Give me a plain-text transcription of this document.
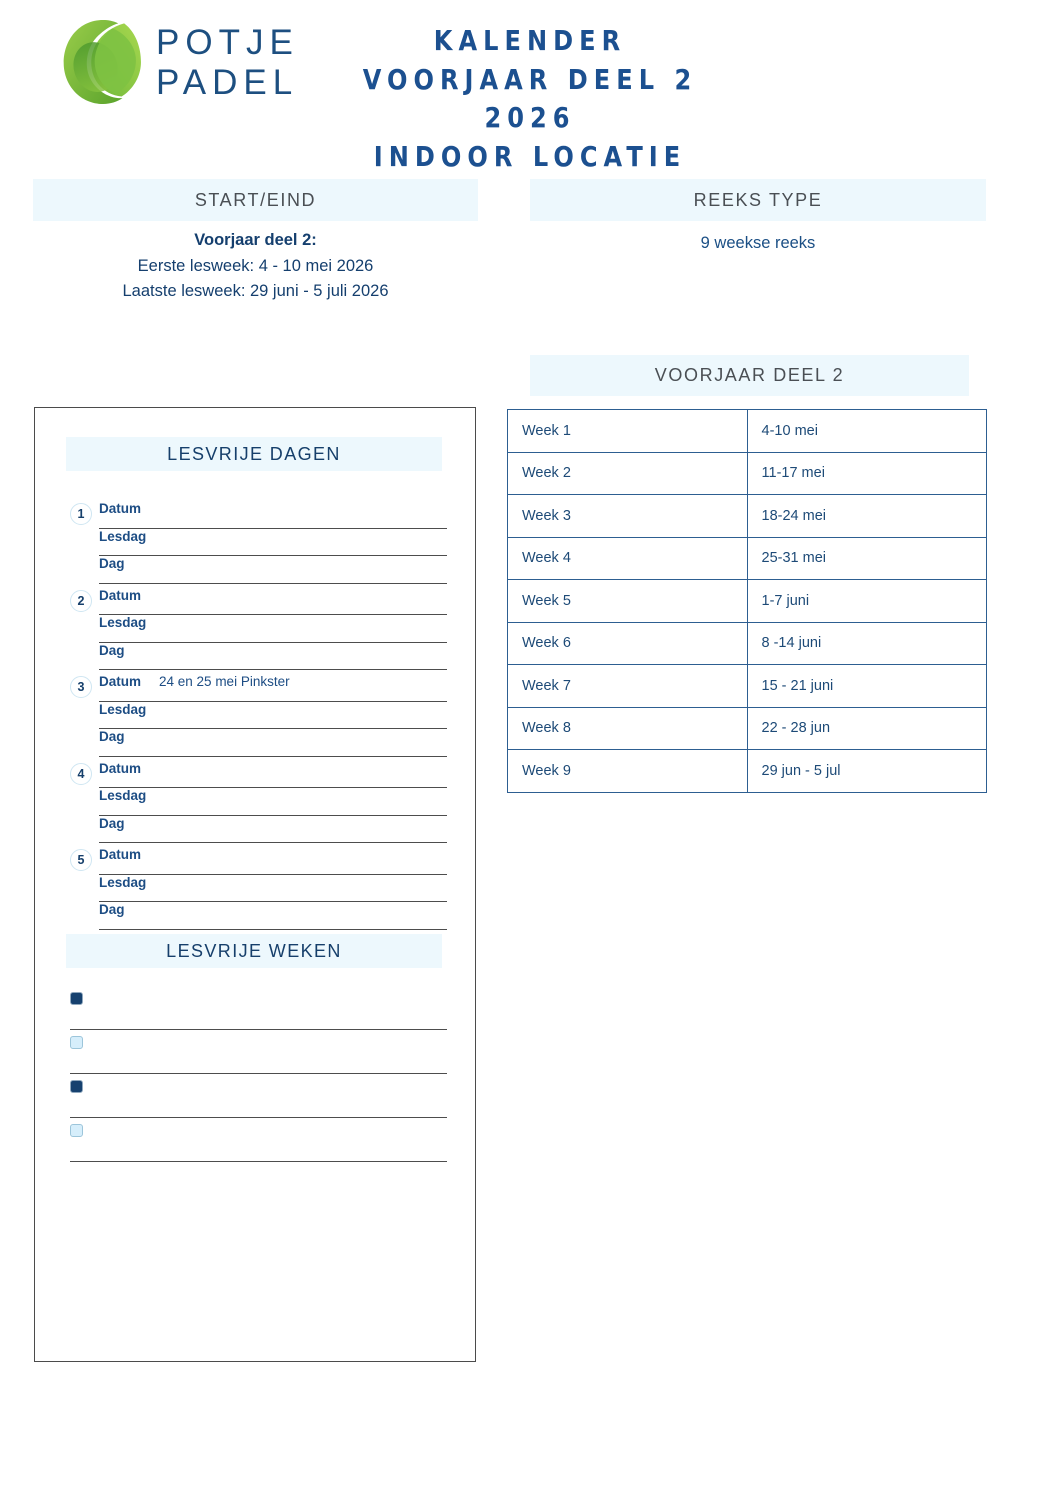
POTJE
PADEL
KALENDER
VOORJAAR DEEL 2
2026
INDOOR LOCATIE
START/EIND
Voorjaar deel 2:
Eerste lesweek: 4 - 10 mei 2026
Laatste lesweek: 29 juni - 5 juli 2026
REEKS TYPE
9 weekse reeks
VOORJAAR DEEL 2
Week 1	4-10 mei
Week 2	11-17 mei
Week 3	18-24 mei
Week 4	25-31 mei
Week 5	1-7 juni
Week 6	8 -14 juni
Week 7	15 - 21 juni
Week 8	22 - 28 jun
Week 9	29 jun - 5 jul
LESVRIJE DAGEN
1	Datum
Lesdag
Dag
2	Datum
Lesdag
Dag
3	Datum 24 en 25 mei Pinkster
Lesdag
Dag
4	Datum
Lesdag
Dag
5	Datum
Lesdag
Dag
LESVRIJE WEKEN
